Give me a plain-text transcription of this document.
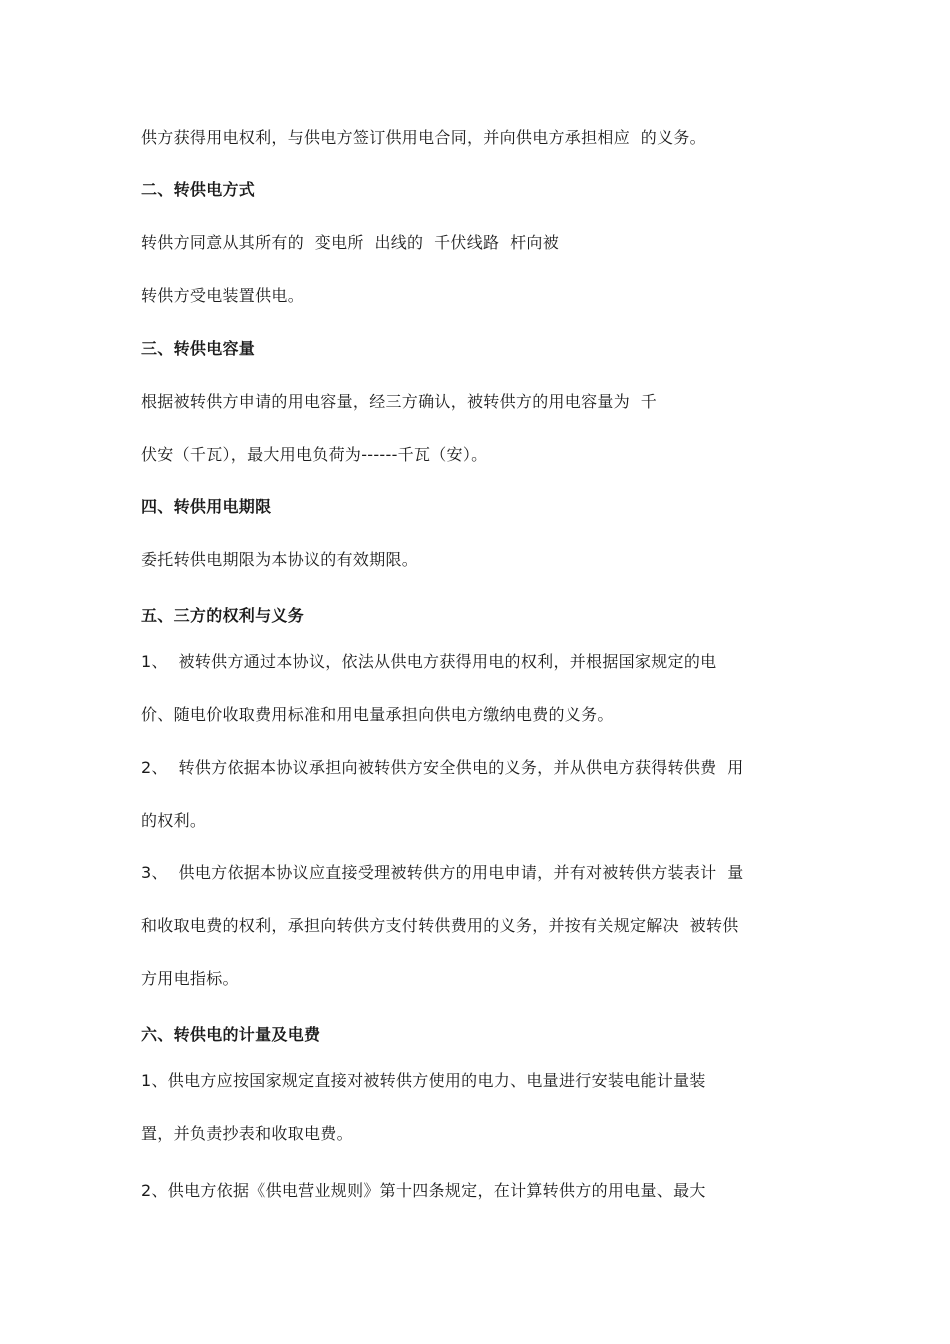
供方获得用电权利，与供电方签订供用电合同，并向供电方承担相应  的义务。
二、转供电方式
转供方同意从其所有的  变电所  出线的  千伏线路  杆向被
转供方受电装置供电。
三、转供电容量
根据被转供方申请的用电容量，经三方确认，被转供方的用电容量为  千
伏安（千瓦），最大用电负荷为------千瓦（安）。
四、转供用电期限
委托转供电期限为本协议的有效期限。
五、三方的权利与义务
1、  被转供方通过本协议，依法从供电方获得用电的权利，并根据国家规定的电
价、随电价收取费用标准和用电量承担向供电方缴纳电费的义务。
2、  转供方依据本协议承担向被转供方安全供电的义务，并从供电方获得转供费  用
的权利。
3、  供电方依据本协议应直接受理被转供方的用电申请，并有对被转供方装表计  量
和收取电费的权利，承担向转供方支付转供费用的义务，并按有关规定解决  被转供
方用电指标。
六、转供电的计量及电费
1、供电方应按国家规定直接对被转供方使用的电力、电量进行安装电能计量装
置，并负责抄表和收取电费。
2、供电方依据《供电营业规则》第十四条规定，在计算转供方的用电量、最大
